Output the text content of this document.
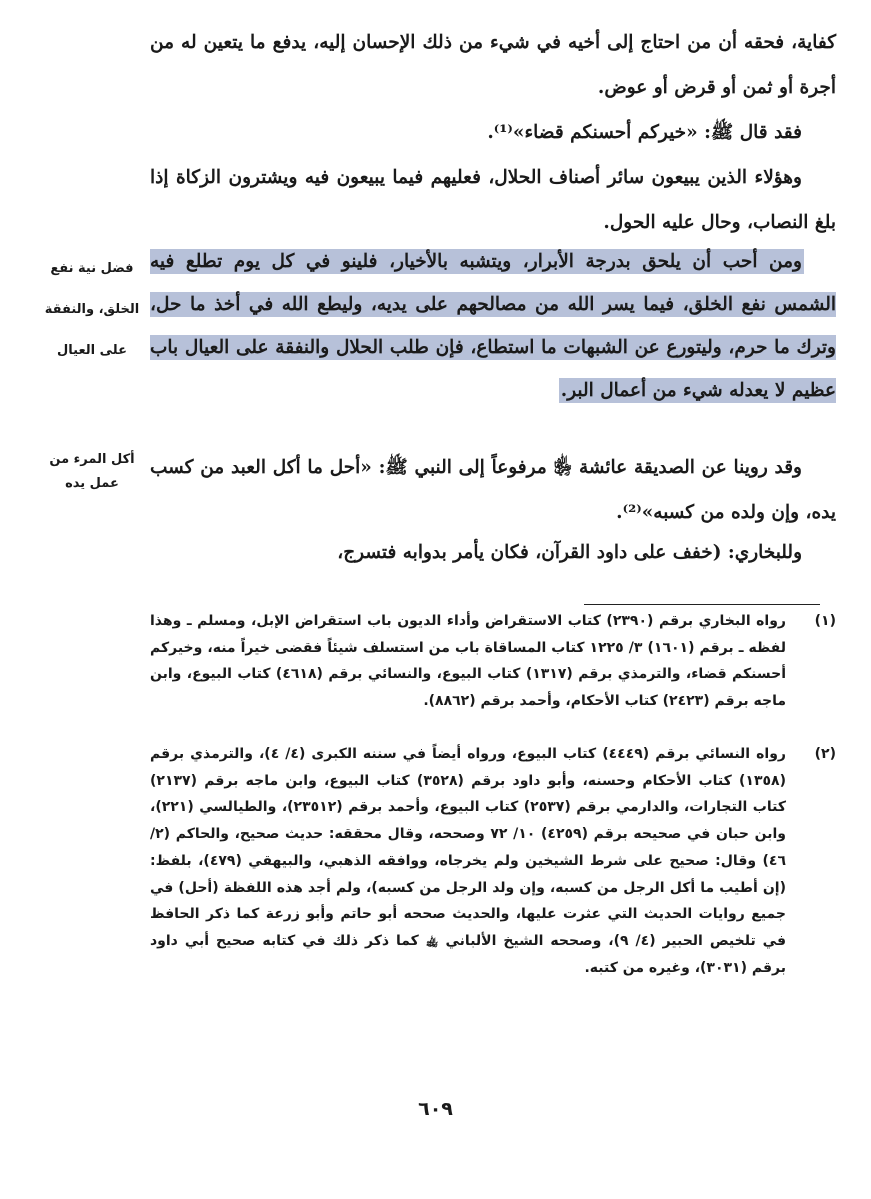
كفاية، فحقه أن من احتاج إلى أخيه في شيء من ذلك الإحسان إليه، يدفع ما يتعين له من أجرة أو ثمن أو قرض أو عوض.

فقد قال ﷺ: «خيركم أحسنكم قضاء»⁽¹⁾.

وهؤلاء الذين يبيعون سائر أصناف الحلال، فعليهم فيما يبيعون فيه ويشترون الزكاة إذا بلغ النصاب، وحال عليه الحول.

ومن أحب أن يلحق بدرجة الأبرار، ويتشبه بالأخيار، فلينو في كل يوم تطلع فيه الشمس نفع الخلق، فيما يسر الله من مصالحهم على يديه، وليطع الله في أخذ ما حل، وترك ما حرم، وليتورع عن الشبهات ما استطاع، فإن طلب الحلال والنفقة على العيال باب عظيم لا يعدله شيء من أعمال البر.

وقد روينا عن الصديقة عائشة ﵂ مرفوعاً إلى النبي ﷺ: «أحل ما أكل العبد من كسب يده، وإن ولده من كسبه»⁽²⁾.

وللبخاري: (خفف على داود القرآن، فكان يأمر بدوابه فتسرج،

فضل نية نفع الخلق، والنفقة على العيال
أكل المرء من عمل يده
(١)
رواه البخاري برقم (٢٣٩٠) كتاب الاستقراض وأداء الديون باب استقراض الإبل، ومسلم ـ وهذا لفظه ـ برقم (١٦٠١) ٣/ ١٢٢٥ كتاب المساقاة باب من استسلف شيئاً فقضى خيراً منه، وخيركم أحسنكم قضاء، والترمذي برقم (١٣١٧) كتاب البيوع، والنسائي برقم (٤٦١٨) كتاب البيوع، وابن ماجه برقم (٢٤٢٣) كتاب الأحكام، وأحمد برقم (٨٨٦٢).
(٢)
رواه النسائي برقم (٤٤٤٩) كتاب البيوع، ورواه أيضاً في سننه الكبرى (٤/ ٤)، والترمذي برقم (١٣٥٨) كتاب الأحكام وحسنه، وأبو داود برقم (٣٥٢٨) كتاب البيوع، وابن ماجه برقم (٢١٣٧) كتاب التجارات، والدارمي برقم (٢٥٣٧) كتاب البيوع، وأحمد برقم (٢٣٥١٢)، والطيالسي (٢٢١)، وابن حبان في صحيحه برقم (٤٢٥٩) ١٠/ ٧٢ وصححه، وقال محققه: حديث صحيح، والحاكم (٢/ ٤٦) وقال: صحيح على شرط الشيخين ولم يخرجاه، ووافقه الذهبي، والبيهقي (٤٧٩)، بلفظ: (إن أطيب ما أكل الرجل من كسبه، وإن ولد الرجل من كسبه)، ولم أجد هذه اللفظة (أحل) في جميع روايات الحديث التي عثرت عليها، والحديث صححه أبو حاتم وأبو زرعة كما ذكر الحافظ في تلخيص الحبير (٤/ ٩)، وصححه الشيخ الألباني ﵀ كما ذكر ذلك في كتابه صحيح أبي داود برقم (٣٠٣١)، وغيره من كتبه.
٦٠٩
